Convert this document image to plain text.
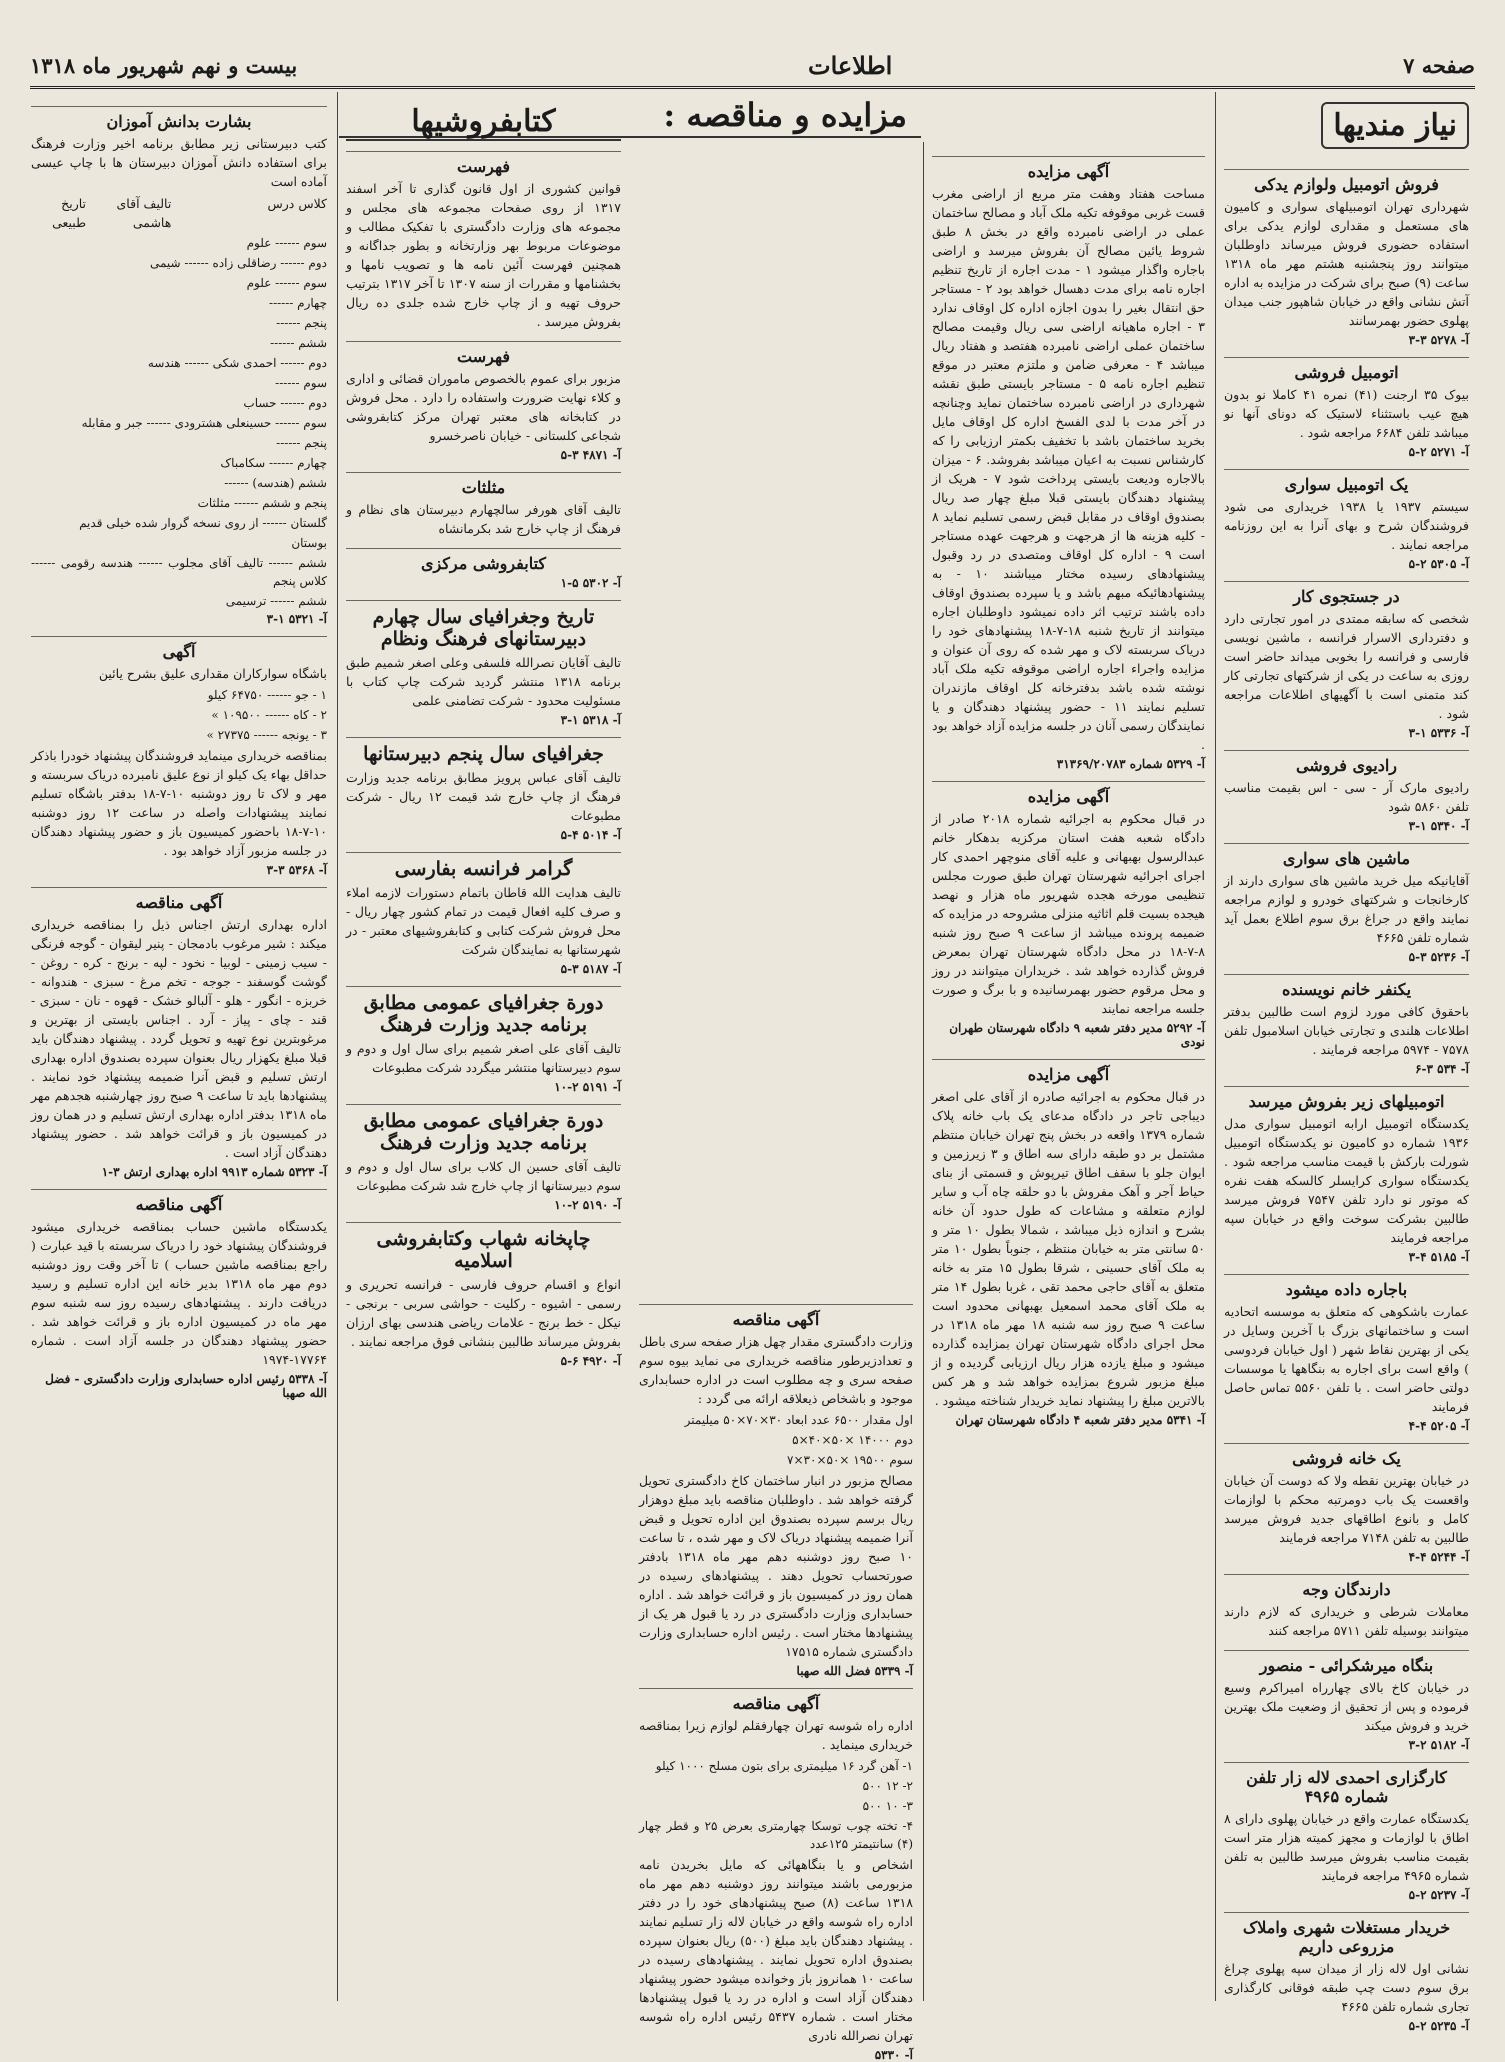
صفحه ۷
اطلاعات
بیست و نهم شهریور ماه ۱۳۱۸
نیاز مندیها
فروش اتومبیل ولوازم یدکی

شهرداری تهران اتومبیلهای سواری و کامیون های مستعمل و مقداری لوازم یدکی برای استفاده حضوری فروش میرساند داوطلبان میتوانند روز پنجشنبه هشتم مهر ماه ۱۳۱۸ ساعت (۹) صبح برای شرکت در مزایده به اداره آتش نشانی واقع در خیابان شاهپور جنب میدان پهلوی حضور بهمرسانند

آ- ۵۲۷۸ ۳-۳
اتومبیل فروشی

بیوک ۳۵ ارجنت (۴۱) نمره ۴۱ کاملا نو بدون هیچ عیب باستثناء لاستیک که دونای آنها نو میباشد تلفن ۶۶۸۴ مراجعه شود .

آ- ۵۲۷۱ ۲-۵
یک اتومبیل سواری

سیستم ۱۹۳۷ یا ۱۹۳۸ خریداری می شود فروشندگان شرح و بهای آنرا به این روزنامه مراجعه نمایند .

آ- ۵۳۰۵ ۲-۵
در جستجوی کار

شخصی که سابقه ممتدی در امور تجارتی دارد و دفترداری الاسرار فرانسه ، ماشین نویسی فارسی و فرانسه را بخوبی میداند حاضر است روزی به ساعت در یکی از شرکتهای تجارتی کار کند متمنی است با آگهیهای اطلاعات مراجعه شود .

آ- ۵۳۳۶ ۱-۳
رادیوی فروشی

رادیوی مارک آر - سی - اس بقیمت مناسب تلفن ۵۸۶۰ شود

آ- ۵۳۴۰ ۱-۳
ماشین های سواری

آقایانیکه میل خرید ماشین های سواری دارند از کارخانجات و شرکتهای خودرو و لوازم مراجعه نمایند واقع در جراغ برق سوم اطلاع بعمل آید شماره تلفن ۴۶۶۵

آ- ۵۲۳۶ ۳-۵
یکنفر خانم نویسنده

باحقوق کافی مورد لزوم است طالبین بدفتر اطلاعات هلندی و تجارتی خیابان اسلامبول تلفن ۷۵۷۸ - ۵۹۷۴ مراجعه فرمایند .

آ- ۵۳۴ ۳-۶
اتومبیلهای زیر بفروش میرسد

یکدستگاه اتومبیل ارابه اتومبیل سواری مدل ۱۹۳۶ شماره دو کامیون نو یکدستگاه اتومبیل شورلت بارکش با قیمت مناسب مراجعه شود . یکدستگاه سواری کرایسلر کالسکه هفت نفره که موتور نو دارد تلفن ۷۵۴۷ فروش میرسد طالبین بشرکت سوخت واقع در خیابان سپه مراجعه فرمایند

آ- ۵۱۸۵ ۴-۳
باجاره داده میشود

عمارت باشکوهی که متعلق به موسسه اتحادیه است و ساختمانهای بزرگ با آخرین وسایل در یکی از بهترین نقاط شهر ( اول خیابان فردوسی ) واقع است برای اجاره به بنگاهها یا موسسات دولتی حاضر است . با تلفن ۵۵۶۰ تماس حاصل فرمایند

آ- ۵۲۰۵ ۴-۴
یک خانه فروشی

در خیابان بهترین نقطه ولا که دوست آن خیابان واقعست یک باب دومرتبه محکم با لوازمات کامل و بانوع اطاقهای جدید فروش میرسد طالبین به تلفن ۷۱۴۸ مراجعه فرمایند

آ- ۵۲۴۴ ۴-۴
دارندگان وجه

معاملات شرطی و خریداری که لازم دارند میتوانند بوسیله تلفن ۵۷۱۱ مراجعه کنند

بنگاه میرشکرائی - منصور

در خیابان کاخ بالای چهارراه امیراکرم وسیع فرموده و پس از تحقیق از وضعیت ملک بهترین خرید و فروش میکند

آ- ۵۱۸۲ ۲-۳
کارگزاری احمدی لاله زار تلفن شماره ۴۹۶۵

یکدستگاه عمارت واقع در خیابان پهلوی دارای ۸ اطاق با لوازمات و مجهز کمیته هزار متر است بقیمت مناسب بفروش میرسد طالبین به تلفن شماره ۴۹۶۵ مراجعه فرمایند

آ- ۵۲۳۷ ۲-۵
خریدار مستغلات شهری واملاک مزروعی داریم

نشانی اول لاله زار از میدان سپه پهلوی چراغ برق سوم دست چپ طبقه فوقانی کارگذاری تجاری شماره تلفن ۴۶۶۵

آ- ۵۲۳۵ ۲-۵
مزایده و مناقصه :
آگهی مزایده

مساحت هفتاد وهفت متر مربع از اراضی مغرب قست غربی موقوفه تکیه ملک آباد و مصالح ساختمان عملی در اراضی نامبرده واقع در بخش ۸ طبق شروط یائین مصالح آن بفروش میرسد و اراضی باجاره واگذار میشود ۱ - مدت اجاره از تاریخ تنظیم اجاره نامه برای مدت دهسال خواهد بود ۲ - مستاجر حق انتقال بغیر را بدون اجازه اداره کل اوقاف ندارد ۳ - اجاره ماهیانه اراضی سی ریال وقیمت مصالح ساختمان عملی اراضی نامبرده هفتصد و هفتاد ریال میباشد ۴ - معرفی ضامن و ملتزم معتبر در موقع تنظیم اجاره نامه ۵ - مستاجر بایستی طبق نقشه شهرداری در اراضی نامبرده ساختمان نماید وچنانچه در آخر مدت با لدی الفسخ اداره کل اوقاف مایل بخرید ساختمان باشد با تخفیف بکمتر ارزیابی را که کارشناس نسبت به اعیان میباشد بفروشد. ۶ - میزان بالاجاره ودیعت بایستی پرداخت شود ۷ - هریک از پیشنهاد دهندگان بایستی قبلا مبلغ چهار صد ریال بصندوق اوقاف در مقابل قبض رسمی تسلیم نماید ۸ - کلیه هزینه ها از هرجهت و هرجهت عهده مستاجر است ۹ - اداره کل اوقاف ومتصدی در رد وقبول پیشنهادهای رسیده مختار میباشند ۱۰ - به پیشنهادهائیکه مبهم باشد و یا سپرده بصندوق اوقاف داده باشند ترتیب اثر داده نمیشود داوطلبان اجاره میتوانند از تاریخ شنبه ۱۸-۷-۱۸ پیشنهادهای خود را دریاک سربسته لاک و مهر شده که روی آن عنوان و مزایده واجراء اجاره اراضی موقوفه تکیه ملک آباد نوشته شده باشد بدفترخانه کل اوقاف مازندران تسلیم نمایند ۱۱ - حضور پیشنهاد دهندگان و یا نمایندگان رسمی آنان در جلسه مزایده آزاد خواهد بود .

آ- ۵۳۲۹ شماره ۳۱۳۶۹/۲۰۷۸۳
آگهی مزایده

در قبال محکوم به اجرائیه شماره ۲۰۱۸ صادر از دادگاه شعبه هفت استان مرکزیه بدهکار خانم عبدالرسول بهبهانی و علیه آقای منوچهر احمدی کار اجرای اجرائیه شهرستان تهران طبق صورت مجلس تنظیمی مورخه هجده شهریور ماه هزار و نهصد هیجده بسیت قلم اثاثیه منزلی مشروحه در مزایده که ضمیمه پرونده میباشد از ساعت ۹ صبح روز شنبه ۸-۷-۱۸ در محل دادگاه شهرستان تهران بمعرض فروش گذارده خواهد شد . خریداران میتوانند در روز و محل مرقوم حضور بهمرسانیده و با برگ و صورت جلسه مراجعه نمایند

آ- ۵۲۹۲ مدیر دفتر شعبه ۹ دادگاه شهرستان طهران نودی
آگهی مزایده

در قبال محکوم به اجرائیه صادره از آقای علی اصغر دیباجی تاجر در دادگاه مدعای یک باب خانه پلاک شماره ۱۳۷۹ واقعه در بخش پنج تهران خیابان منتظم مشتمل بر دو طبقه دارای سه اطاق و ۳ زیرزمین و ایوان جلو با سقف اطاق تیرپوش و قسمتی از بنای حیاط آجر و آهک مفروش با دو حلقه چاه آب و سایر لوازم متعلقه و مشاعات که طول حدود آن خانه بشرح و اندازه ذیل میباشد ، شمالا بطول ۱۰ متر و ۵۰ سانتی متر به خیابان منتظم ، جنوباً بطول ۱۰ متر به ملک آقای حسینی ، شرقا بطول ۱۵ متر به خانه متعلق به آقای حاجی محمد تقی ، غربا بطول ۱۴ متر به ملک آقای محمد اسمعیل بهبهانی محدود است ساعت ۹ صبح روز سه شنبه ۱۸ مهر ماه ۱۳۱۸ در محل اجرای دادگاه شهرستان تهران بمزایده گذارده میشود و مبلغ یازده هزار ریال ارزیابی گردیده و از مبلغ مزبور شروع بمزایده خواهد شد و هر کس بالاترین مبلغ را پیشنهاد نماید خریدار شناخته میشود .

آ- ۵۳۴۱ مدیر دفتر شعبه ۴ دادگاه شهرستان تهران
آگهی مناقصه

وزارت دادگستری مقدار چهل هزار صفحه سری باطل و تعدادزیرطور مناقصه خریداری می نماید بیوه سوم صفحه سری و چه مطلوب است در اداره حسابداری موجود و باشخاص ذیعلاقه ارائه می گردد :

اول مقدار ۶۵۰۰ عدد ابعاد ۳۰×۷۰×۵۰ میلیمتر
دوم ۱۴۰۰۰ ×۵۰×۴۰×۵
سوم ۱۹۵۰۰ ×۵۰×۳۰×۷

مصالح مزبور در انبار ساختمان کاخ دادگستری تحویل گرفته خواهد شد . داوطلبان مناقصه باید مبلغ دوهزار ریال برسم سپرده بصندوق این اداره تحویل و قبض آنرا ضمیمه پیشنهاد دریاک لاک و مهر شده ، تا ساعت ۱۰ صبح روز دوشنبه دهم مهر ماه ۱۳۱۸ بادفتر صورتحساب تحویل دهند . پیشنهادهای رسیده در همان روز در کمیسیون باز و قرائت خواهد شد . اداره حسابداری وزارت دادگستری در رد یا قبول هر یک از پیشنهادها مختار است . رئیس اداره حسابداری وزارت دادگستری شماره ۱۷۵۱۵

آ- ۵۳۳۹ فضل الله صهبا
آگهی مناقصه

اداره راه شوسه تهران چهارفقلم لوازم زیرا بمناقصه خریداری مینماید .

۱- آهن گرد ۱۶ میلیمتری برای بتون مسلح ۱۰۰۰ کیلو
۲- ۱۲ ۵۰۰
۳- ۱۰ ۵۰۰
۴- تخته چوب توسکا چهارمتری بعرض ۲۵ و قطر چهار (۴) سانتیمتر ۱۲۵عدد

اشخاص و یا بنگاههائی که مایل بخریدن نامه مزبورمی باشند میتوانند روز دوشنبه دهم مهر ماه ۱۳۱۸ ساعت (۸) صبح پیشنهادهای خود را در دفتر اداره راه شوسه واقع در خیابان لاله زار تسلیم نمایند . پیشنهاد دهندگان باید مبلغ (۵۰۰) ریال بعنوان سپرده بصندوق اداره تحویل نمایند . پیشنهادهای رسیده در ساعت ۱۰ همانروز باز وخوانده میشود حضور پیشنهاد دهندگان آزاد است و اداره در رد یا قبول پیشنهادها مختار است . شماره ۵۴۳۷ رئیس اداره راه شوسه تهران نصرالله نادری

آ- ۵۳۳۰
کتابفروشیها
فهرست

قوانین کشوری از اول قانون گذاری تا آخر اسفند ۱۳۱۷ از روی صفحات مجموعه های مجلس و مجموعه های وزارت دادگستری با تفکیک مطالب و موضوعات مربوط بهر وزارتخانه و بطور جداگانه و همچنین فهرست آئین نامه ها و تصویب نامها و بخشنامها و مقررات از سنه ۱۳۰۷ تا آخر ۱۳۱۷ بترتیب حروف تهیه و از چاپ خارج شده جلدی ده ریال بفروش میرسد .

فهرست

مزبور برای عموم بالخصوص ماموران قضائی و اداری و کلاء نهایت ضرورت واستفاده را دارد . محل فروش در کتابخانه های معتبر تهران مرکز کتابفروشی شجاعی کلستانی - خیابان ناصرخسرو

آ- ۴۸۷۱ ۳-۵
مثلثات

تالیف آقای هورفر سالچهارم دبیرستان های نظام و فرهنگ از چاپ خارج شد بکرمانشاه

کتابفروشی مرکزی
آ- ۵۳۰۲ ۵-۱
تاریخ وجغرافیای سال چهارم دبیرستانهای فرهنگ ونظام

تالیف آقایان نصرالله فلسفی وعلی اصغر شمیم طبق برنامه ۱۳۱۸ منتشر گردید شرکت چاپ کتاب با مسئولیت محدود - شرکت تضامنی علمی

آ- ۵۳۱۸ ۱-۳
جغرافیای سال پنجم دبیرستانها

تالیف آقای عباس پرویز مطابق برنامه جدید وزارت فرهنگ از چاپ خارج شد قیمت ۱۲ ریال - شرکت مطبوعات

آ- ۵۰۱۴ ۴-۵
گرامر فرانسه بفارسی

تالیف هدایت الله قاطان باتمام دستورات لازمه املاء و صرف کلیه افعال قیمت در تمام کشور چهار ریال - محل فروش شرکت کتابی و کتابفروشیهای معتبر - در شهرستانها به نمایندگان شرکت

آ- ۵۱۸۷ ۳-۵
دورة جغرافیای عمومی مطابق برنامه جدید وزارت فرهنگ

تالیف آقای علی اصغر شمیم برای سال اول و دوم و سوم دبیرستانها منتشر میگردد شرکت مطبوعات

آ- ۵۱۹۱ ۲-۱۰
دورة جغرافیای عمومی مطابق برنامه جدید وزارت فرهنگ

تالیف آقای حسین ال کلاب برای سال اول و دوم و سوم دبیرستانها از چاپ خارج شد شرکت مطبوعات

آ- ۵۱۹۰ ۲-۱۰
چاپخانه شهاب وکتابفروشی اسلامیه

انواع و اقسام حروف فارسی - فرانسه تحریری و رسمی - اشیوه - رکلیت - حواشی سربی - برنجی - نیکل - خط برنج - علامات ریاضی هندسی بهای ارزان بفروش میرساند طالبین بنشانی فوق مراجعه نمایند .

آ- ۴۹۲۰ ۶-۵
بشارت بدانش آموزان

کتب دبیرستانی زیر مطابق برنامه اخیر وزارت فرهنگ برای استفاده دانش آموزان دبیرستان ها با چاپ عیسی آماده است

کلاس درس
تالیف آقای هاشمی
تاریخ طبیعی
سوم ------ علوم
دوم ------ رضاقلی زاده ------ شیمی
سوم ------ علوم
چهارم ------
پنجم ------
ششم ------
دوم ------ احمدی شکی ------ هندسه
سوم ------
دوم ------ حساب
سوم ------ حسینعلی هشترودی ------ جبر و مقابله
پنجم ------
چهارم ------ سکامباک
ششم (هندسه) ------
پنجم و ششم ------ مثلثات
گلستان ------ از روی نسخه گروار شده خیلی قدیم
بوستان
ششم ------ تالیف آقای مجلوب ------ هندسه رقومی ------ کلاس پنجم
ششم ------ ترسیمی
آ- ۵۳۲۱ ۱-۳
آگهی

باشگاه سوارکاران مقداری علیق بشرح یائین

۱ - جو ------ ۶۴۷۵۰ کیلو
۲ - کاه ------ ۱۰۹۵۰۰ »
۳ - یونجه ------ ۲۷۳۷۵ »

بمناقصه خریداری مینماید فروشندگان پیشنهاد خودرا باذکر حداقل بهاء یک کیلو از نوع علیق نامبرده دریاک سربسته و مهر و لاک تا روز دوشنبه ۱۰-۷-۱۸ بدفتر باشگاه تسلیم نمایند پیشنهادات واصله در ساعت ۱۲ روز دوشنبه ۱۰-۷-۱۸ باحضور کمیسیون باز و حضور پیشنهاد دهندگان در جلسه مزبور آزاد خواهد بود .

آ- ۵۳۶۸ ۳-۳
آگهی مناقصه

اداره بهداری ارتش اجناس ذیل را بمناقصه خریداری میکند : شیر مرغوب بادمجان - پنیر لیقوان - گوجه فرنگی - سیب زمینی - لوبیا - نخود - لپه - برنج - کره - روغن - گوشت گوسفند - جوجه - تخم مرغ - سبزی - هندوانه - خربزه - انگور - هلو - آلبالو خشک - قهوه - نان - سبزی - قند - چای - پیاز - آرد . اجناس بایستی از بهترین و مرغوبترین نوع تهیه و تحویل گردد . پیشنهاد دهندگان باید قبلا مبلغ یکهزار ریال بعنوان سپرده بصندوق اداره بهداری ارتش تسلیم و قبض آنرا ضمیمه پیشنهاد خود نمایند . پیشنهادها باید تا ساعت ۹ صبح روز چهارشنبه هجدهم مهر ماه ۱۳۱۸ بدفتر اداره بهداری ارتش تسلیم و در همان روز در کمیسیون باز و قرائت خواهد شد . حضور پیشنهاد دهندگان آزاد است .

آ- ۵۳۲۳ شماره ۹۹۱۳ اداره بهداری ارتش ۳-۱
آگهی مناقصه

یکدستگاه ماشین حساب بمناقصه خریداری میشود فروشندگان پیشنهاد خود را دریاک سربسته با قید عبارت ( راجع بمناقصه ماشین حساب ) تا آخر وقت روز دوشنبه دوم مهر ماه ۱۳۱۸ بدیر خانه این اداره تسلیم و رسید دریافت دارند . پیشنهادهای رسیده روز سه شنبه سوم مهر ماه در کمیسیون اداره باز و قرائت خواهد شد . حضور پیشنهاد دهندگان در جلسه آزاد است . شماره ۱۷۷۶۴-۱۹۷۴

آ- ۵۳۳۸ رئیس اداره حسابداری وزارت دادگستری - فضل الله صهبا
